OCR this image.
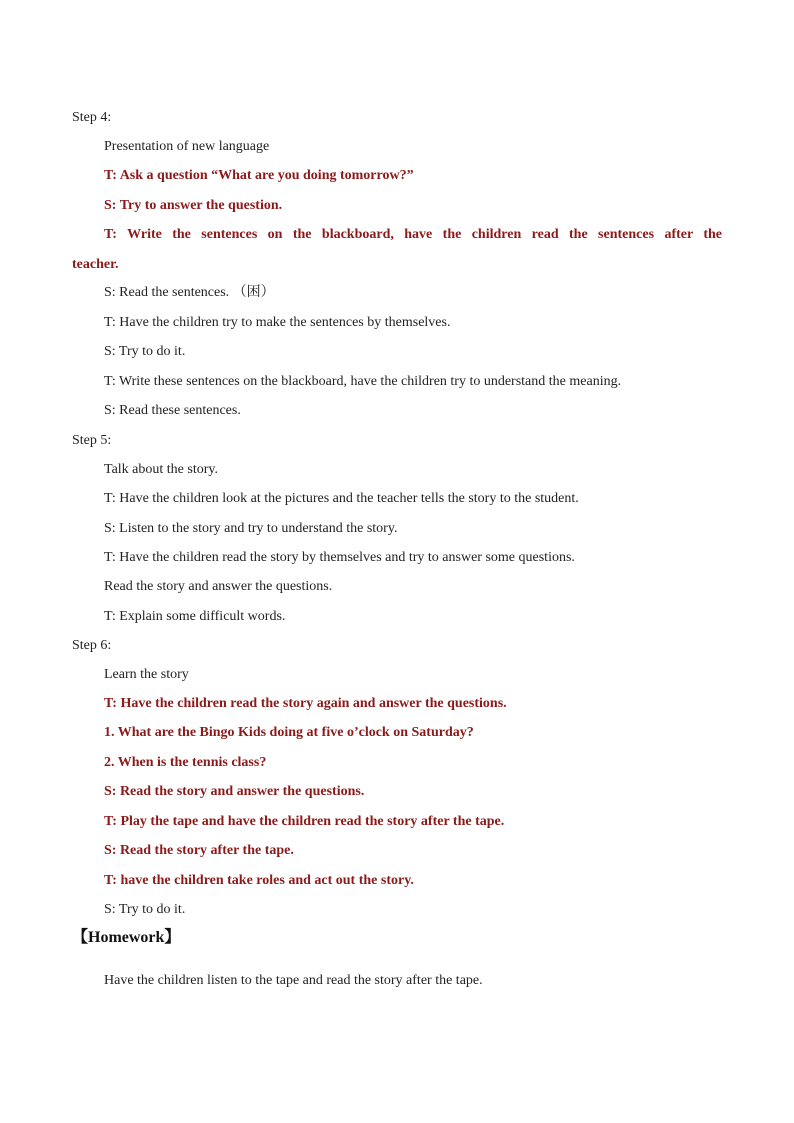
Step 4:
Presentation of new language
T: Ask a question “What are you doing tomorrow?”
S: Try to answer the question.
T: Write the sentences on the blackboard, have the children read the sentences after the
teacher.
S: Read the sentences. （困）
T: Have the children try to make the sentences by themselves.
S: Try to do it.
T: Write these sentences on the blackboard, have the children try to understand the meaning.
S: Read these sentences.
Step 5:
Talk about the story.
T: Have the children look at the pictures and the teacher tells the story to the student.
S: Listen to the story and try to understand the story.
T: Have the children read the story by themselves and try to answer some questions.
Read the story and answer the questions.
T: Explain some difficult words.
Step 6:
Learn the story
T: Have the children read the story again and answer the questions.
1. What are the Bingo Kids doing at five o’clock on Saturday?
2. When is the tennis class?
S: Read the story and answer the questions.
T: Play the tape and have the children read the story after the tape.
S: Read the story after the tape.
T: have the children take roles and act out the story.
S: Try to do it.
【Homework】
Have the children listen to the tape and read the story after the tape.
